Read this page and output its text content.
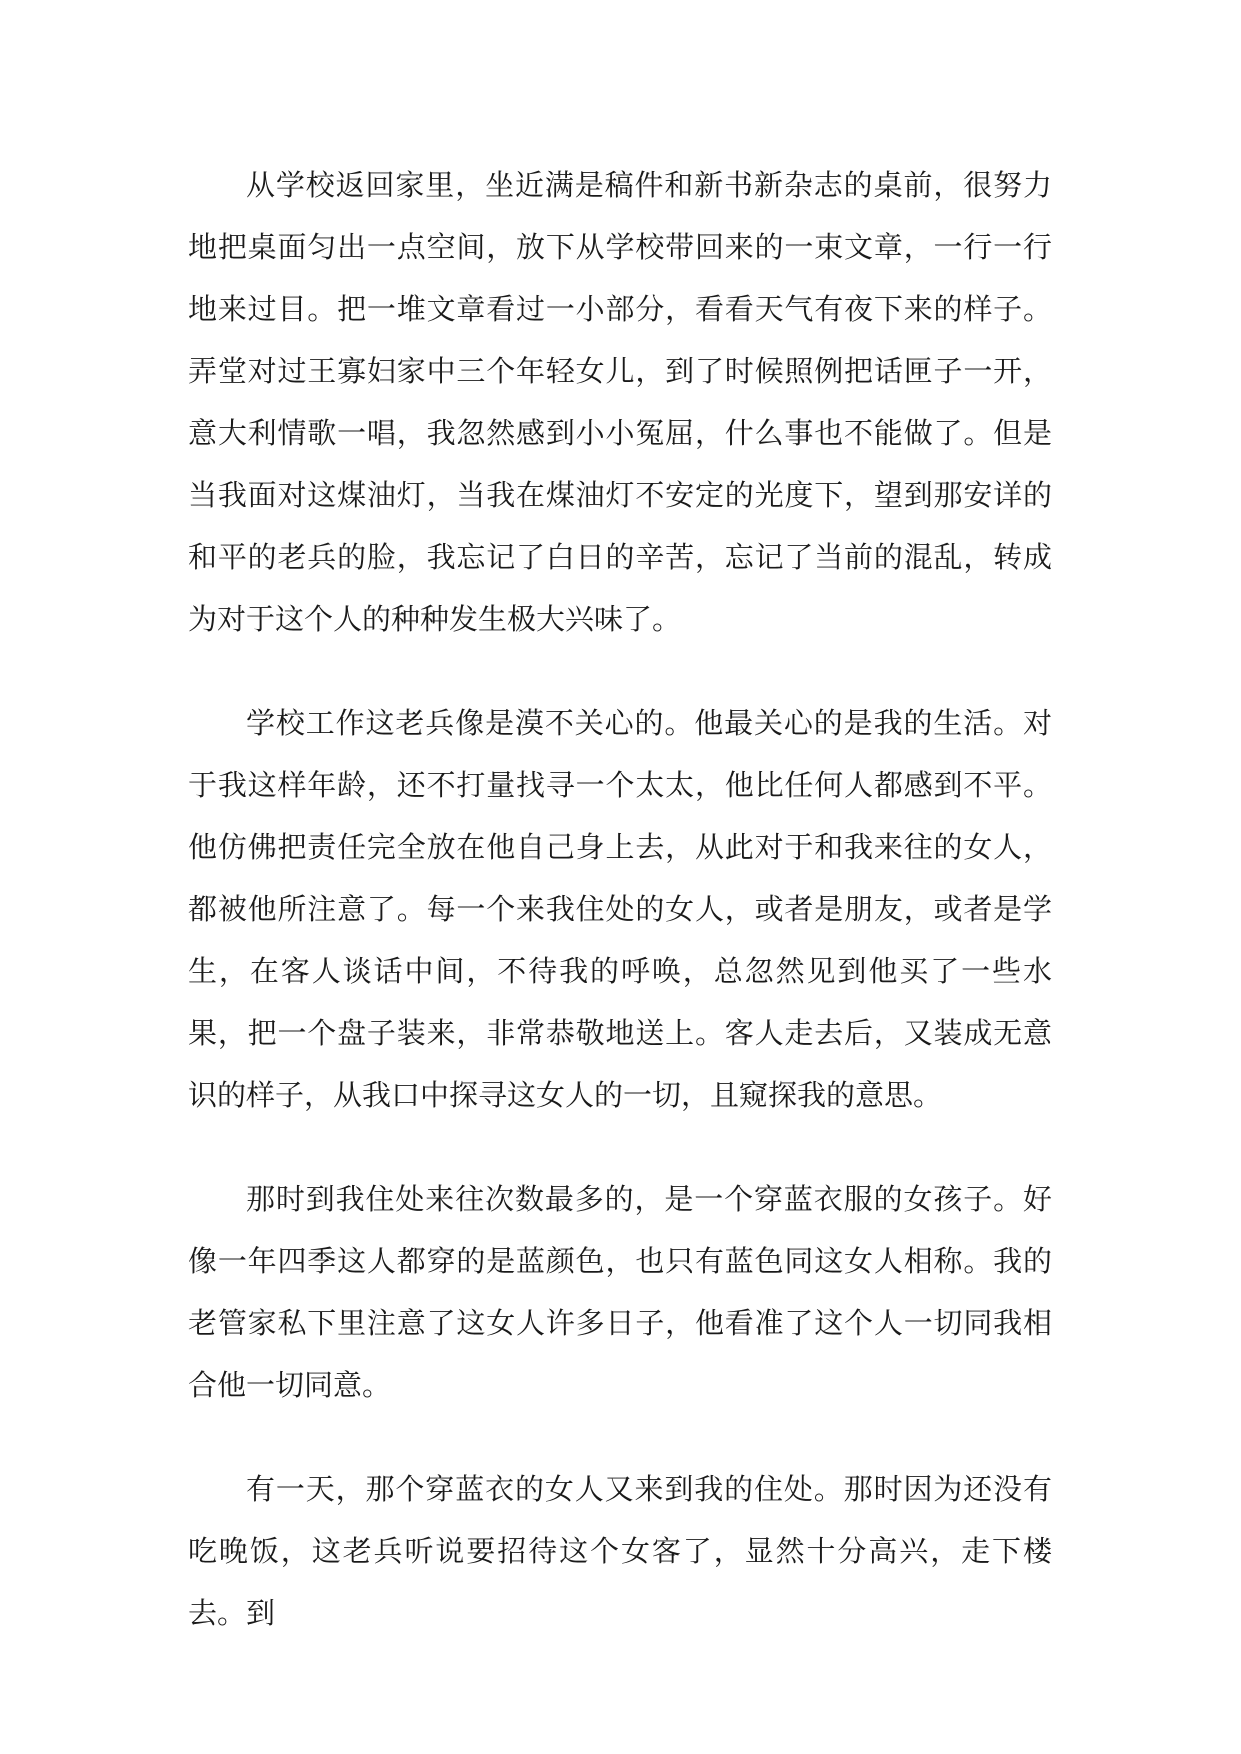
从学校返回家里，坐近满是稿件和新书新杂志的桌前，很努力地把桌面匀出一点空间，放下从学校带回来的一束文章，一行一行地来过目。把一堆文章看过一小部分，看看天气有夜下来的样子。弄堂对过王寡妇家中三个年轻女儿，到了时候照例把话匣子一开，意大利情歌一唱，我忽然感到小小冤屈，什么事也不能做了。但是当我面对这煤油灯，当我在煤油灯不安定的光度下，望到那安详的和平的老兵的脸，我忘记了白日的辛苦，忘记了当前的混乱，转成为对于这个人的种种发生极大兴味了。

学校工作这老兵像是漠不关心的。他最关心的是我的生活。对于我这样年龄，还不打量找寻一个太太，他比任何人都感到不平。他仿佛把责任完全放在他自己身上去，从此对于和我来往的女人，都被他所注意了。每一个来我住处的女人，或者是朋友，或者是学生，在客人谈话中间，不待我的呼唤，总忽然见到他买了一些水果，把一个盘子装来，非常恭敬地送上。客人走去后，又装成无意识的样子，从我口中探寻这女人的一切，且窥探我的意思。

那时到我住处来往次数最多的，是一个穿蓝衣服的女孩子。好像一年四季这人都穿的是蓝颜色，也只有蓝色同这女人相称。我的老管家私下里注意了这女人许多日子，他看准了这个人一切同我相合他一切同意。

有一天，那个穿蓝衣的女人又来到我的住处。那时因为还没有吃晚饭，这老兵听说要招待这个女客了，显然十分高兴，走下楼去。到
